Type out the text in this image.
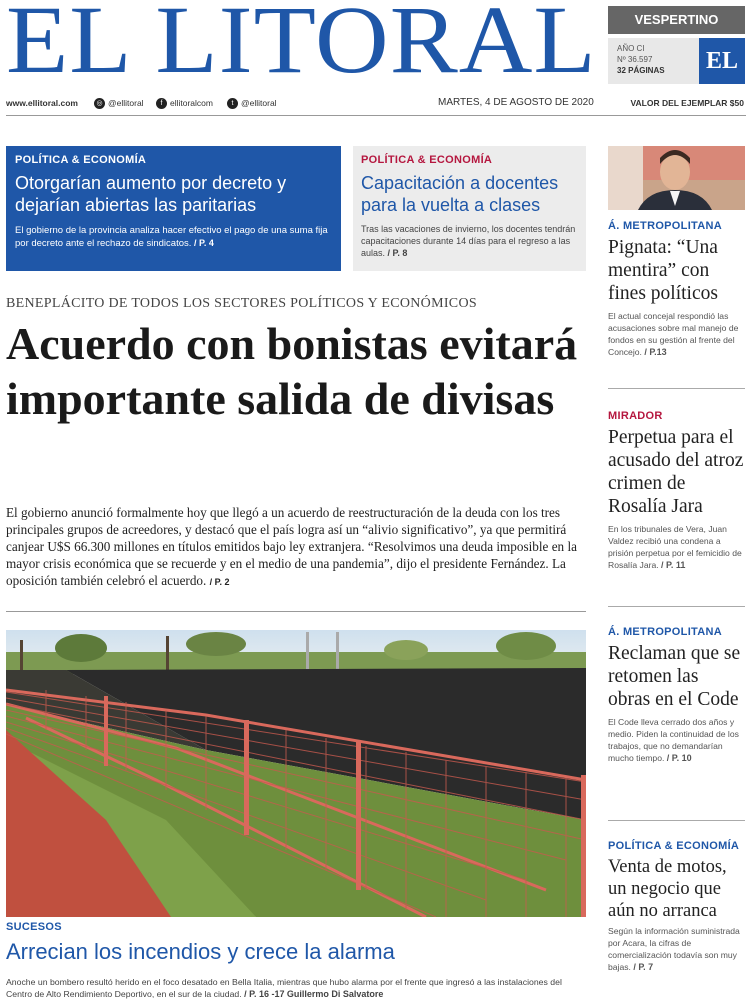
EL LITORAL	VESPERTINO
AÑO CI
Nº 36.597
32 PÁGINAS EL
www.ellitoral.com	◎ @ellitoral	f ellitoralcom	t @ellitoral	MARTES, 4 DE AGOSTO DE 2020	VALOR DEL EJEMPLAR $50
POLÍTICA & ECONOMÍA
Otorgarían aumento por decreto y dejarían abiertas las paritarias

El gobierno de la provincia analiza hacer efectivo el pago de una suma fija por decreto ante el rechazo de sindicatos. / P. 4

POLÍTICA & ECONOMÍA
Capacitación a docentes para la vuelta a clases

Tras las vacaciones de invierno, los docentes tendrán capacitaciones durante 14 días para el regreso a las aulas. / P. 8

BENEPLÁCITO DE TODOS LOS SECTORES POLÍTICOS Y ECONÓMICOS
Acuerdo con bonistas evitará importante salida de divisas

El gobierno anunció formalmente hoy que llegó a un acuerdo de reestructuración de la deuda con los tres principales grupos de acreedores, y destacó que el país logra así un “alivio significativo”, ya que permitirá canjear U$S 66.300 millones en títulos emitidos bajo ley extranjera. “Resolvimos una deuda imposible en la mayor crisis económica que se recuerde y en el medio de una pandemia”, dijo el presidente Fernández. La oposición también celebró el acuerdo. / P. 2

SUCESOS
Arrecian los incendios y crece la alarma
Anoche un bombero resultó herido en el foco desatado en Bella Italia, mientras que hubo alarma por el frente que ingresó a las instalaciones del Centro de Alto Rendimiento Deportivo, en el sur de la ciudad. / P. 16 -17 Guillermo Di Salvatore
Á. METROPOLITANA
Pignata: “Una mentira” con fines políticos

El actual concejal respondió las acusaciones sobre mal manejo de fondos en su gestión al frente del Concejo. / P.13

MIRADOR
Perpetua para el acusado del atroz crimen de Rosalía Jara

En los tribunales de Vera, Juan Valdez recibió una condena a prisión perpetua por el femicidio de Rosalía Jara. / P. 11

Á. METROPOLITANA
Reclaman que se retomen las obras en el Code

El Code lleva cerrado dos años y medio. Piden la continuidad de los trabajos, que no demandarían mucho tiempo. / P. 10

POLÍTICA & ECONOMÍA
Venta de motos, un negocio que aún no arranca

Según la información suministrada por Acara, la cifras de comercialización todavía son muy bajas. / P. 7
